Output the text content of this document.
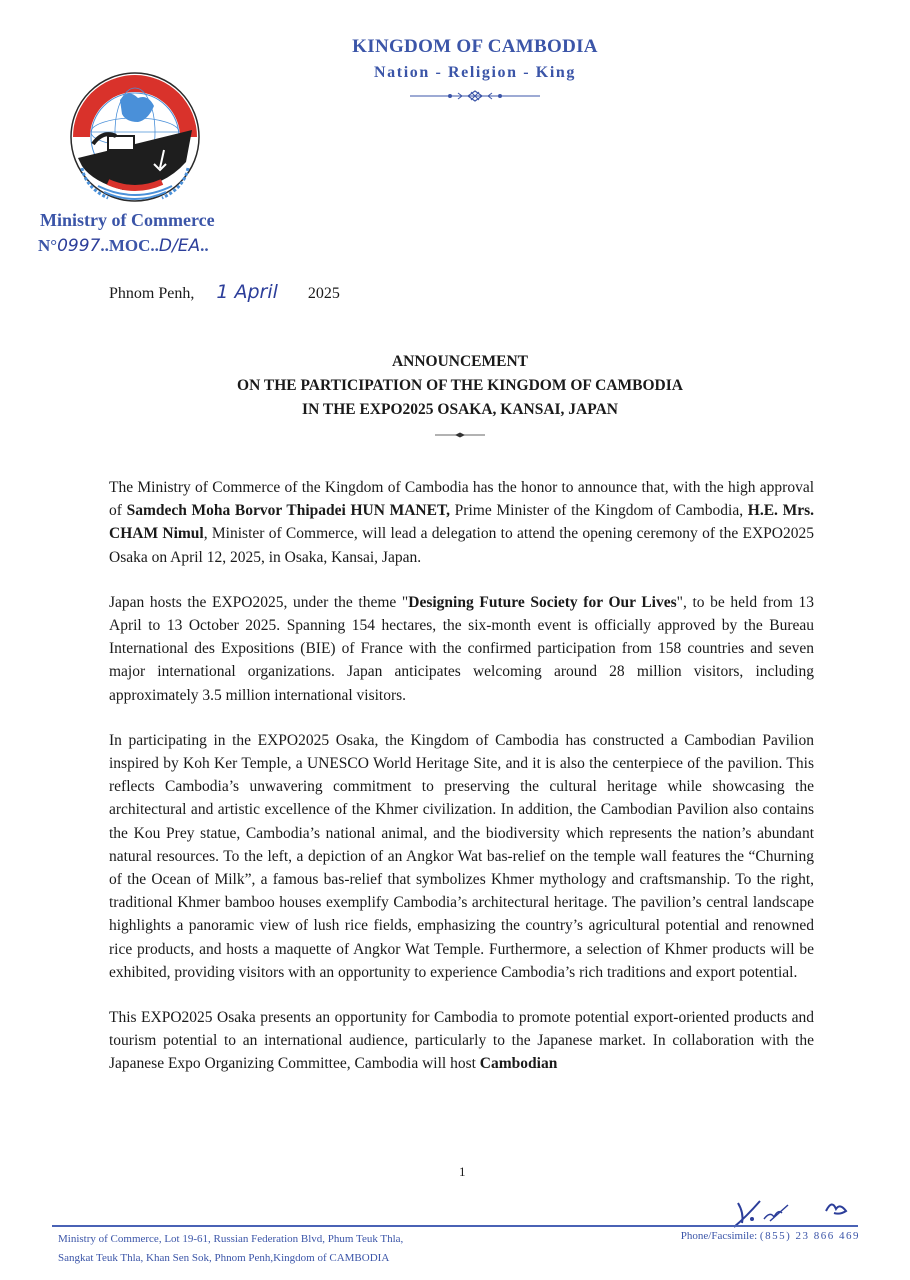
KINGDOM OF CAMBODIA
Nation - Religion - King
Ministry of Commerce
N°0997..MOC..D/EA..
Phnom Penh, 1 April 2025
ANNOUNCEMENT
ON THE PARTICIPATION OF THE KINGDOM OF CAMBODIA
IN THE EXPO2025 OSAKA, KANSAI, JAPAN

The Ministry of Commerce of the Kingdom of Cambodia has the honor to announce that, with the high approval of Samdech Moha Borvor Thipadei HUN MANET, Prime Minister of the Kingdom of Cambodia, H.E. Mrs. CHAM Nimul, Minister of Commerce, will lead a delegation to attend the opening ceremony of the EXPO2025 Osaka on April 12, 2025, in Osaka, Kansai, Japan.

Japan hosts the EXPO2025, under the theme "Designing Future Society for Our Lives", to be held from 13 April to 13 October 2025. Spanning 154 hectares, the six-month event is officially approved by the Bureau International des Expositions (BIE) of France with the confirmed participation from 158 countries and seven major international organizations. Japan anticipates welcoming around 28 million visitors, including approximately 3.5 million international visitors.

In participating in the EXPO2025 Osaka, the Kingdom of Cambodia has constructed a Cambodian Pavilion inspired by Koh Ker Temple, a UNESCO World Heritage Site, and it is also the centerpiece of the pavilion. This reflects Cambodia’s unwavering commitment to preserving the cultural heritage while showcasing the architectural and artistic excellence of the Khmer civilization. In addition, the Cambodian Pavilion also contains the Kou Prey statue, Cambodia’s national animal, and the biodiversity which represents the nation’s abundant natural resources. To the left, a depiction of an Angkor Wat bas-relief on the temple wall features the “Churning of the Ocean of Milk”, a famous bas-relief that symbolizes Khmer mythology and craftsmanship. To the right, traditional Khmer bamboo houses exemplify Cambodia’s architectural heritage. The pavilion’s central landscape highlights a panoramic view of lush rice fields, emphasizing the country’s agricultural potential and renowned rice products, and hosts a maquette of Angkor Wat Temple. Furthermore, a selection of Khmer products will be exhibited, providing visitors with an opportunity to experience Cambodia’s rich traditions and export potential.

This EXPO2025 Osaka presents an opportunity for Cambodia to promote potential export-oriented products and tourism potential to an international audience, particularly to the Japanese market. In collaboration with the Japanese Expo Organizing Committee, Cambodia will host Cambodian

1
Ministry of Commerce, Lot 19-61, Russian Federation Blvd, Phum Teuk Thla,
Sangkat Teuk Thla, Khan Sen Sok, Phnom Penh,Kingdom of CAMBODIA
Phone/Facsimile: (855) 23 866 469
